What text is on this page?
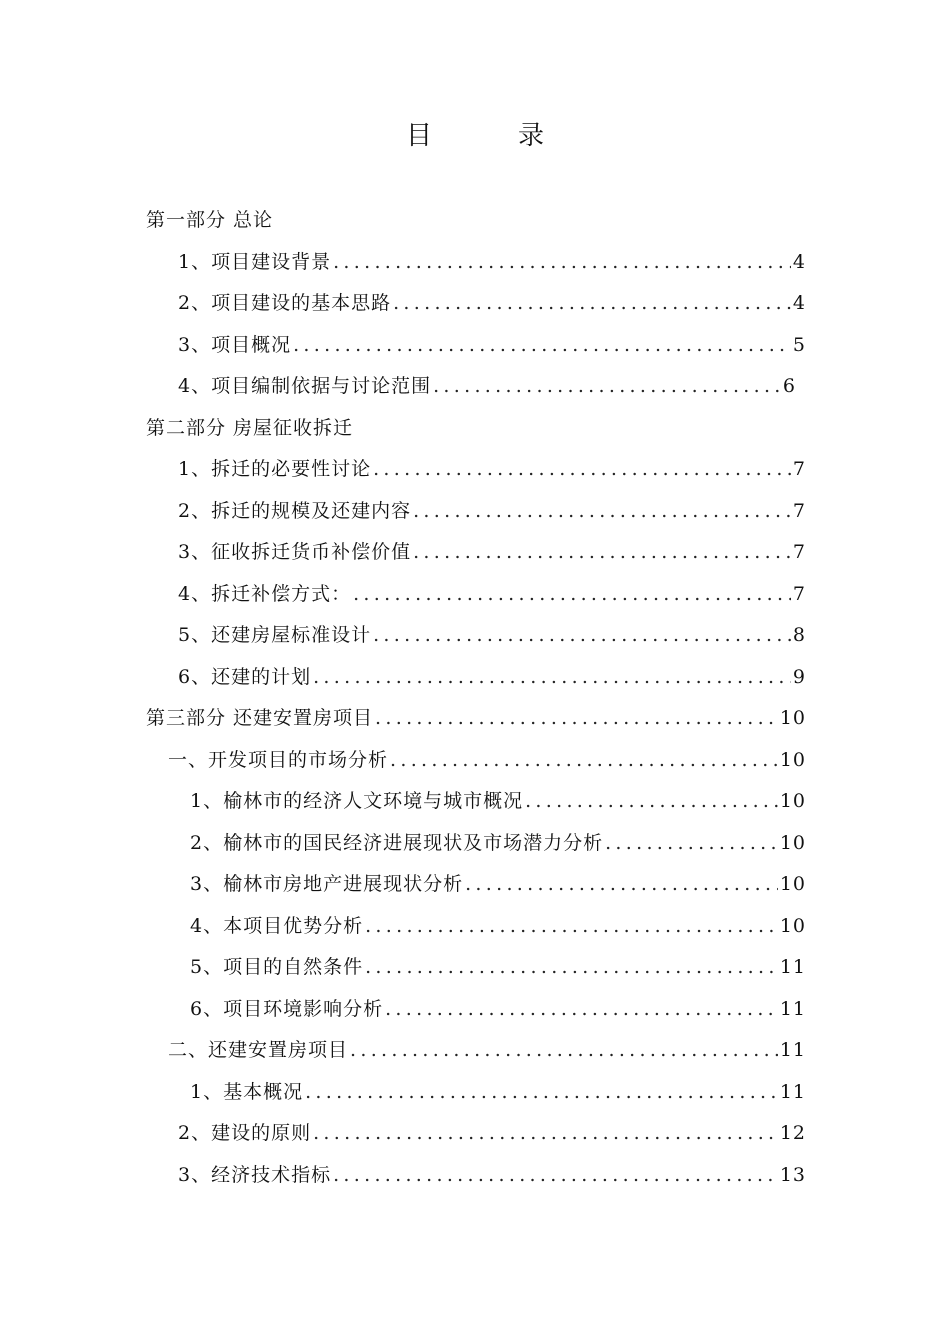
目　录
第一部分 总论
1、项目建设背景 .....	4
2、项目建设的基本思路 .....	4
3、项目概况 .....	5
4、项目编制依据与讨论范围 .....	6
第二部分 房屋征收拆迁
1、拆迁的必要性讨论 .....	7
2、拆迁的规模及还建内容 .....	7
3、征收拆迁货币补偿价值 .....	7
4、拆迁补偿方式： .....	7
5、还建房屋标准设计 .....	8
6、还建的计划 .....	9
第三部分 还建安置房项目 .....	10
一、开发项目的市场分析 .....	10
1、榆林市的经济人文环境与城市概况 .....	10
2、榆林市的国民经济进展现状及市场潜力分析 .....	10
3、榆林市房地产进展现状分析 .....	10
4、本项目优势分析 .....	10
5、项目的自然条件 .....	11
6、项目环境影响分析 .....	11
二、还建安置房项目 .....	11
1、基本概况 .....	11
2、建设的原则 .....	12
3、经济技术指标 .....	13
